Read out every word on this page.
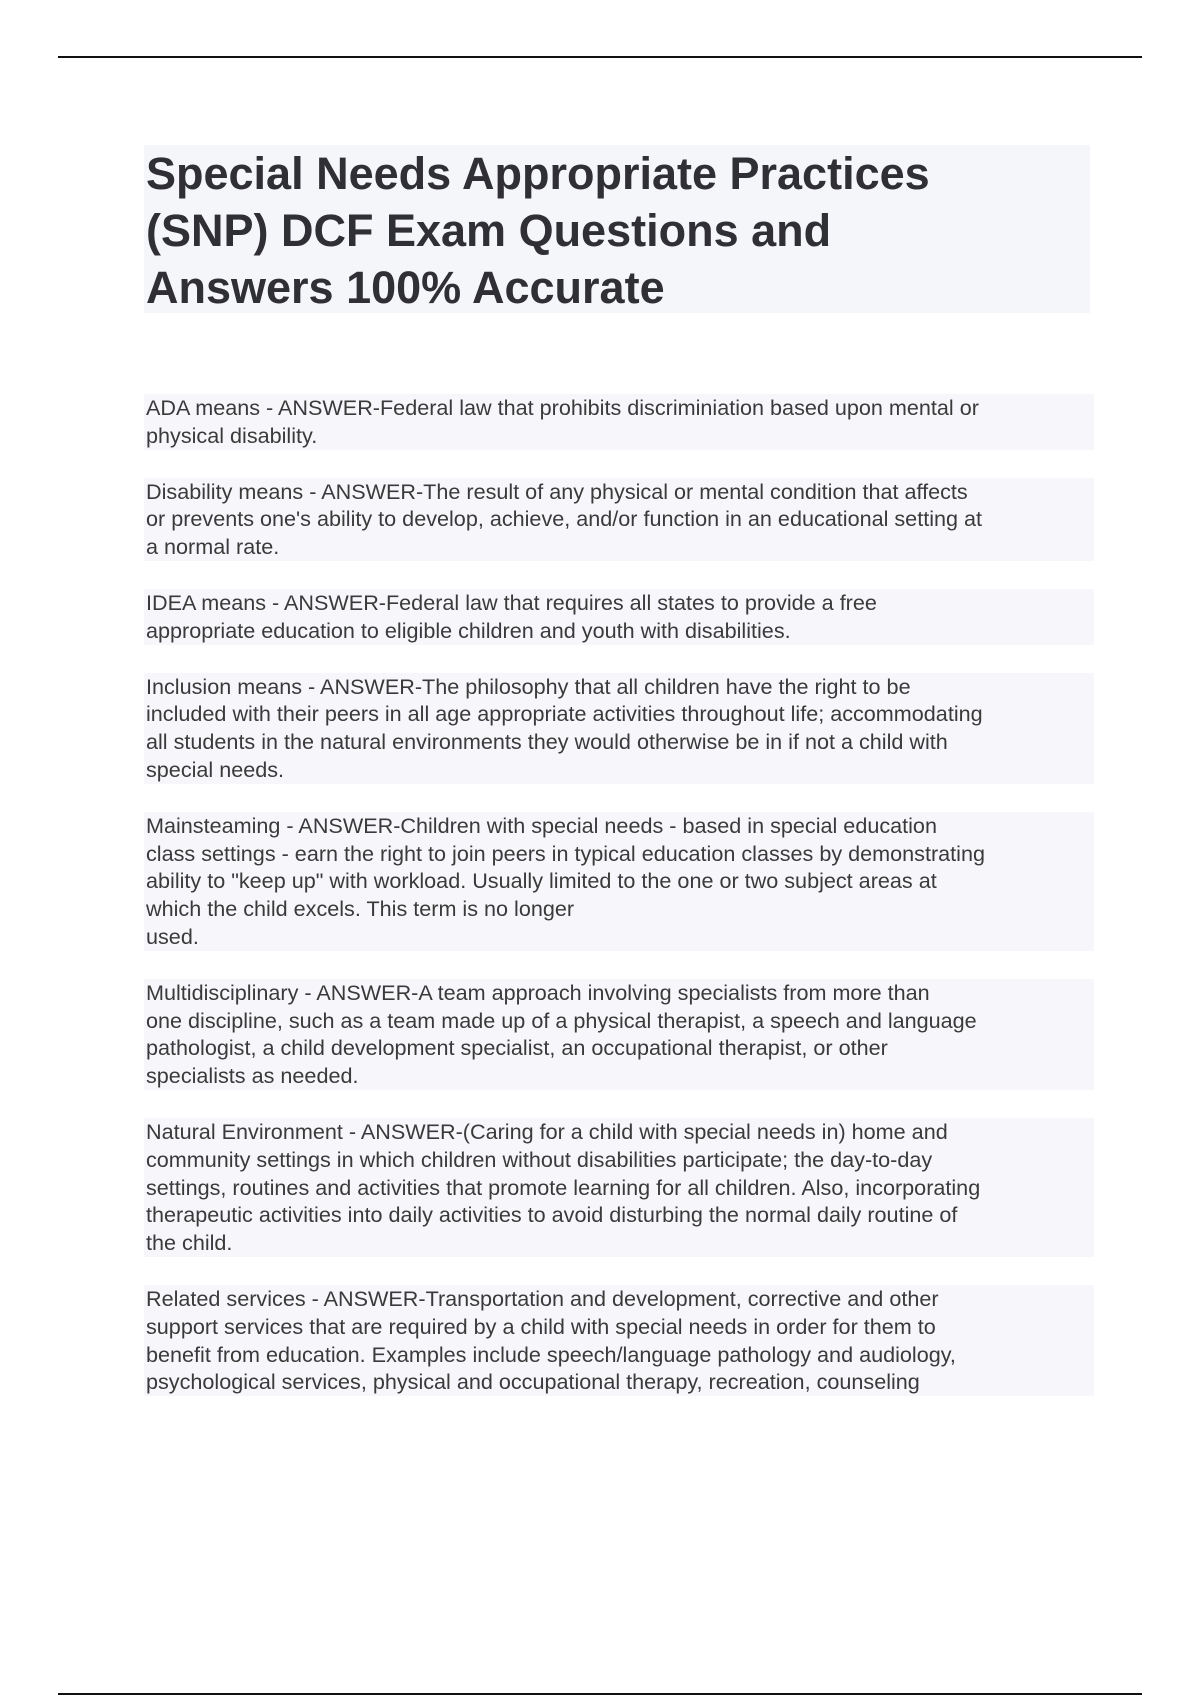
Special Needs Appropriate Practices
(SNP) DCF Exam Questions and
Answers 100% Accurate

ADA means - ANSWER-Federal law that prohibits discriminiation based upon mental or
physical disability.

Disability means - ANSWER-The result of any physical or mental condition that affects
or prevents one's ability to develop, achieve, and/or function in an educational setting at
a normal rate.

IDEA means - ANSWER-Federal law that requires all states to provide a free
appropriate education to eligible children and youth with disabilities.

Inclusion means - ANSWER-The philosophy that all children have the right to be
included with their peers in all age appropriate activities throughout life; accommodating
all students in the natural environments they would otherwise be in if not a child with
special needs.

Mainsteaming - ANSWER-Children with special needs - based in special education
class settings - earn the right to join peers in typical education classes by demonstrating
ability to "keep up" with workload. Usually limited to the one or two subject areas at
which the child excels. This term is no longer
used.

Multidisciplinary - ANSWER-A team approach involving specialists from more than
one discipline, such as a team made up of a physical therapist, a speech and language
pathologist, a child development specialist, an occupational therapist, or other
specialists as needed.

Natural Environment - ANSWER-(Caring for a child with special needs in) home and
community settings in which children without disabilities participate; the day-to-day
settings, routines and activities that promote learning for all children. Also, incorporating
therapeutic activities into daily activities to avoid disturbing the normal daily routine of
the child.

Related services - ANSWER-Transportation and development, corrective and other
support services that are required by a child with special needs in order for them to
benefit from education. Examples include speech/language pathology and audiology,
psychological services, physical and occupational therapy, recreation, counseling
